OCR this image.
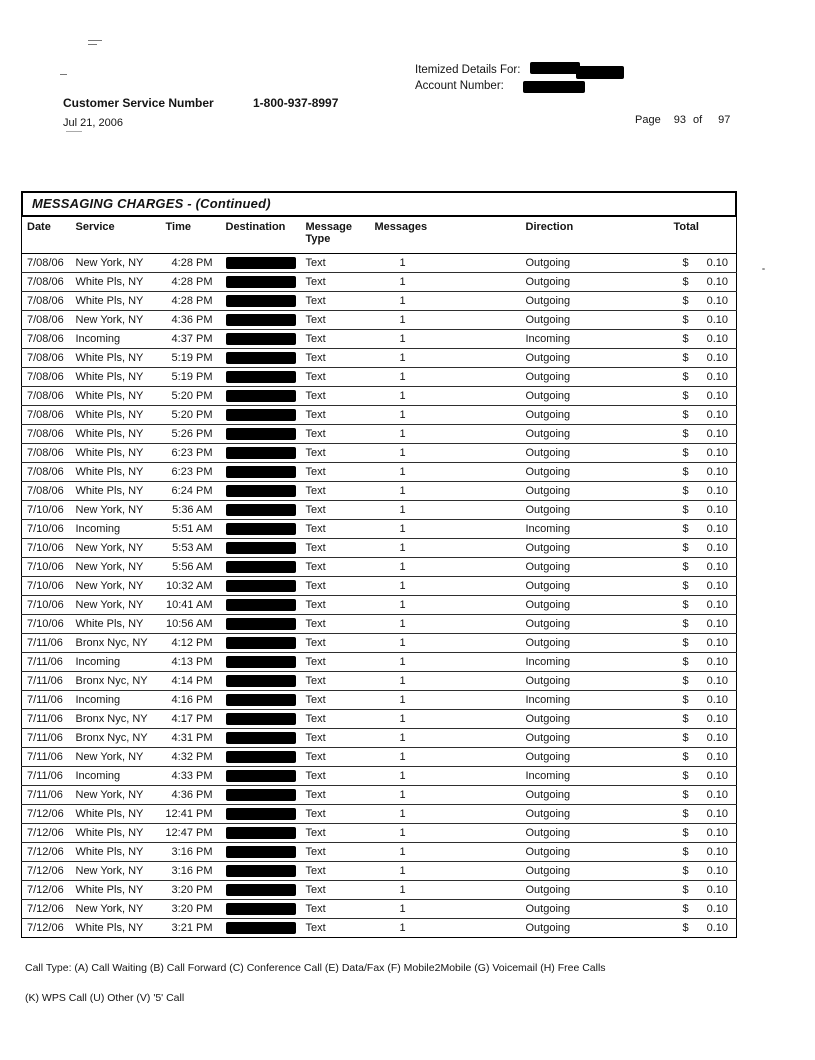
Itemized Details For:
Account Number:
Customer Service Number	1-800-937-8997
Jul 21, 2006	Page 93 of 97
MESSAGING CHARGES - (Continued)
Date	Service	Time	Destination	Message Type	Messages	Direction	Total
7/08/06	New York, NY	4:28 PM		Text	1	Outgoing	$ 0.10

7/08/06	White Pls, NY	4:28 PM		Text	1	Outgoing	$ 0.10

7/08/06	White Pls, NY	4:28 PM		Text	1	Outgoing	$ 0.10

7/08/06	New York, NY	4:36 PM		Text	1	Outgoing	$ 0.10

7/08/06	Incoming	4:37 PM		Text	1	Incoming	$ 0.10

7/08/06	White Pls, NY	5:19 PM		Text	1	Outgoing	$ 0.10

7/08/06	White Pls, NY	5:19 PM		Text	1	Outgoing	$ 0.10

7/08/06	White Pls, NY	5:20 PM		Text	1	Outgoing	$ 0.10

7/08/06	White Pls, NY	5:20 PM		Text	1	Outgoing	$ 0.10

7/08/06	White Pls, NY	5:26 PM		Text	1	Outgoing	$ 0.10

7/08/06	White Pls, NY	6:23 PM		Text	1	Outgoing	$ 0.10

7/08/06	White Pls, NY	6:23 PM		Text	1	Outgoing	$ 0.10

7/08/06	White Pls, NY	6:24 PM		Text	1	Outgoing	$ 0.10

7/10/06	New York, NY	5:36 AM		Text	1	Outgoing	$ 0.10

7/10/06	Incoming	5:51 AM		Text	1	Incoming	$ 0.10

7/10/06	New York, NY	5:53 AM		Text	1	Outgoing	$ 0.10

7/10/06	New York, NY	5:56 AM		Text	1	Outgoing	$ 0.10

7/10/06	New York, NY	10:32 AM		Text	1	Outgoing	$ 0.10

7/10/06	New York, NY	10:41 AM		Text	1	Outgoing	$ 0.10

7/10/06	White Pls, NY	10:56 AM		Text	1	Outgoing	$ 0.10

7/11/06	Bronx Nyc, NY	4:12 PM		Text	1	Outgoing	$ 0.10

7/11/06	Incoming	4:13 PM		Text	1	Incoming	$ 0.10

7/11/06	Bronx Nyc, NY	4:14 PM		Text	1	Outgoing	$ 0.10

7/11/06	Incoming	4:16 PM		Text	1	Incoming	$ 0.10

7/11/06	Bronx Nyc, NY	4:17 PM		Text	1	Outgoing	$ 0.10

7/11/06	Bronx Nyc, NY	4:31 PM		Text	1	Outgoing	$ 0.10

7/11/06	New York, NY	4:32 PM		Text	1	Outgoing	$ 0.10

7/11/06	Incoming	4:33 PM		Text	1	Incoming	$ 0.10

7/11/06	New York, NY	4:36 PM		Text	1	Outgoing	$ 0.10

7/12/06	White Pls, NY	12:41 PM		Text	1	Outgoing	$ 0.10

7/12/06	White Pls, NY	12:47 PM		Text	1	Outgoing	$ 0.10

7/12/06	White Pls, NY	3:16 PM		Text	1	Outgoing	$ 0.10

7/12/06	New York, NY	3:16 PM		Text	1	Outgoing	$ 0.10

7/12/06	White Pls, NY	3:20 PM		Text	1	Outgoing	$ 0.10

7/12/06	New York, NY	3:20 PM		Text	1	Outgoing	$ 0.10

7/12/06	White Pls, NY	3:21 PM		Text	1	Outgoing	$ 0.10
Call Type: (A) Call Waiting (B) Call Forward (C) Conference Call (E) Data/Fax (F) Mobile2Mobile (G) Voicemail (H) Free Calls
(K) WPS Call (U) Other (V) '5' Call
